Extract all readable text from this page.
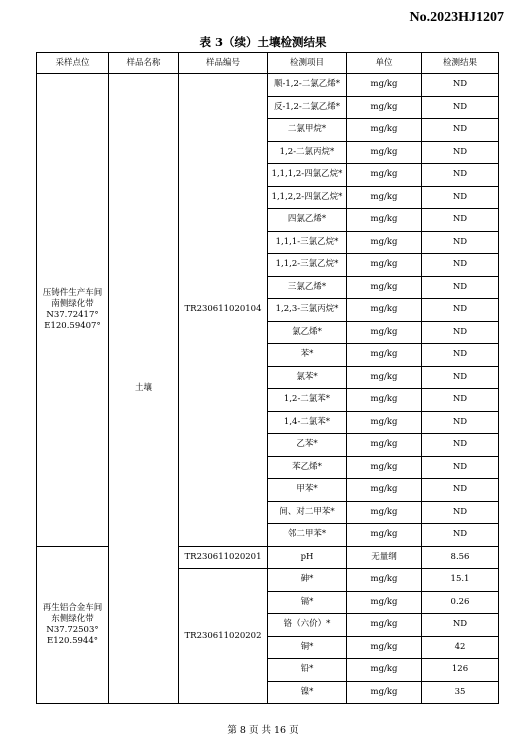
No.2023HJ1207
表 3（续）土壤检测结果
采样点位	样品名称	样品编号	检测项目	单位	检测结果

压铸件生产车间南侧绿化带
N37.72417°
E120.59407°	土壤	TR230611020104	顺-1,2-二氯乙烯*	mg/kg	ND
			反-1,2-二氯乙烯*	mg/kg	ND
			二氯甲烷*	mg/kg	ND
			1,2-二氯丙烷*	mg/kg	ND
			1,1,1,2-四氯乙烷*	mg/kg	ND
			1,1,2,2-四氯乙烷*	mg/kg	ND
			四氯乙烯*	mg/kg	ND
			1,1,1-三氯乙烷*	mg/kg	ND
			1,1,2-三氯乙烷*	mg/kg	ND
			三氯乙烯*	mg/kg	ND
			1,2,3-三氯丙烷*	mg/kg	ND
			氯乙烯*	mg/kg	ND
			苯*	mg/kg	ND
			氯苯*	mg/kg	ND
			1,2-二氯苯*	mg/kg	ND
			1,4-二氯苯*	mg/kg	ND
			乙苯*	mg/kg	ND
			苯乙烯*	mg/kg	ND
			甲苯*	mg/kg	ND
			间、对二甲苯*	mg/kg	ND
			邻二甲苯*	mg/kg	ND

再生铝合金车间东侧绿化带
N37.72503°
E120.5944°		TR230611020201	pH	无量纲	8.56
		TR230611020202	砷*	mg/kg	15.1
			镉*	mg/kg	0.26
			铬（六价）*	mg/kg	ND
			铜*	mg/kg	42
			铅*	mg/kg	126
			镍*	mg/kg	35
第 8 页 共 16 页
